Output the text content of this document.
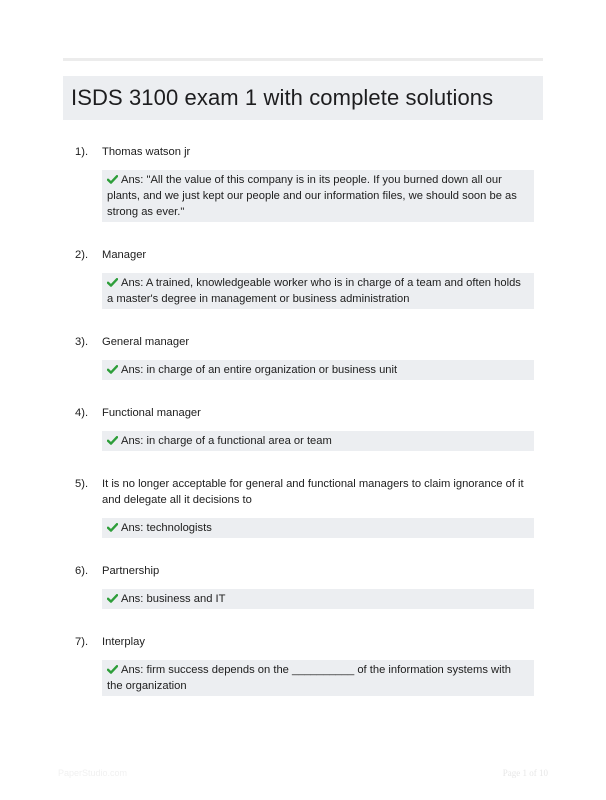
ISDS 3100 exam 1 with complete solutions
1). Thomas watson jr
Ans: "All the value of this company is in its people. If you burned down all our plants, and we just kept our people and our information files, we should soon be as strong as ever."
2). Manager
Ans: A trained, knowledgeable worker who is in charge of a team and often holds a master's degree in management or business administration
3). General manager
Ans: in charge of an entire organization or business unit
4). Functional manager
Ans: in charge of a functional area or team
5). It is no longer acceptable for general and functional managers to claim ignorance of it and delegate all it decisions to
Ans: technologists
6). Partnership
Ans: business and IT
7). Interplay
Ans: firm success depends on the __________ of the information systems with the organization
PaperStudio.com	Page 1 of 10
